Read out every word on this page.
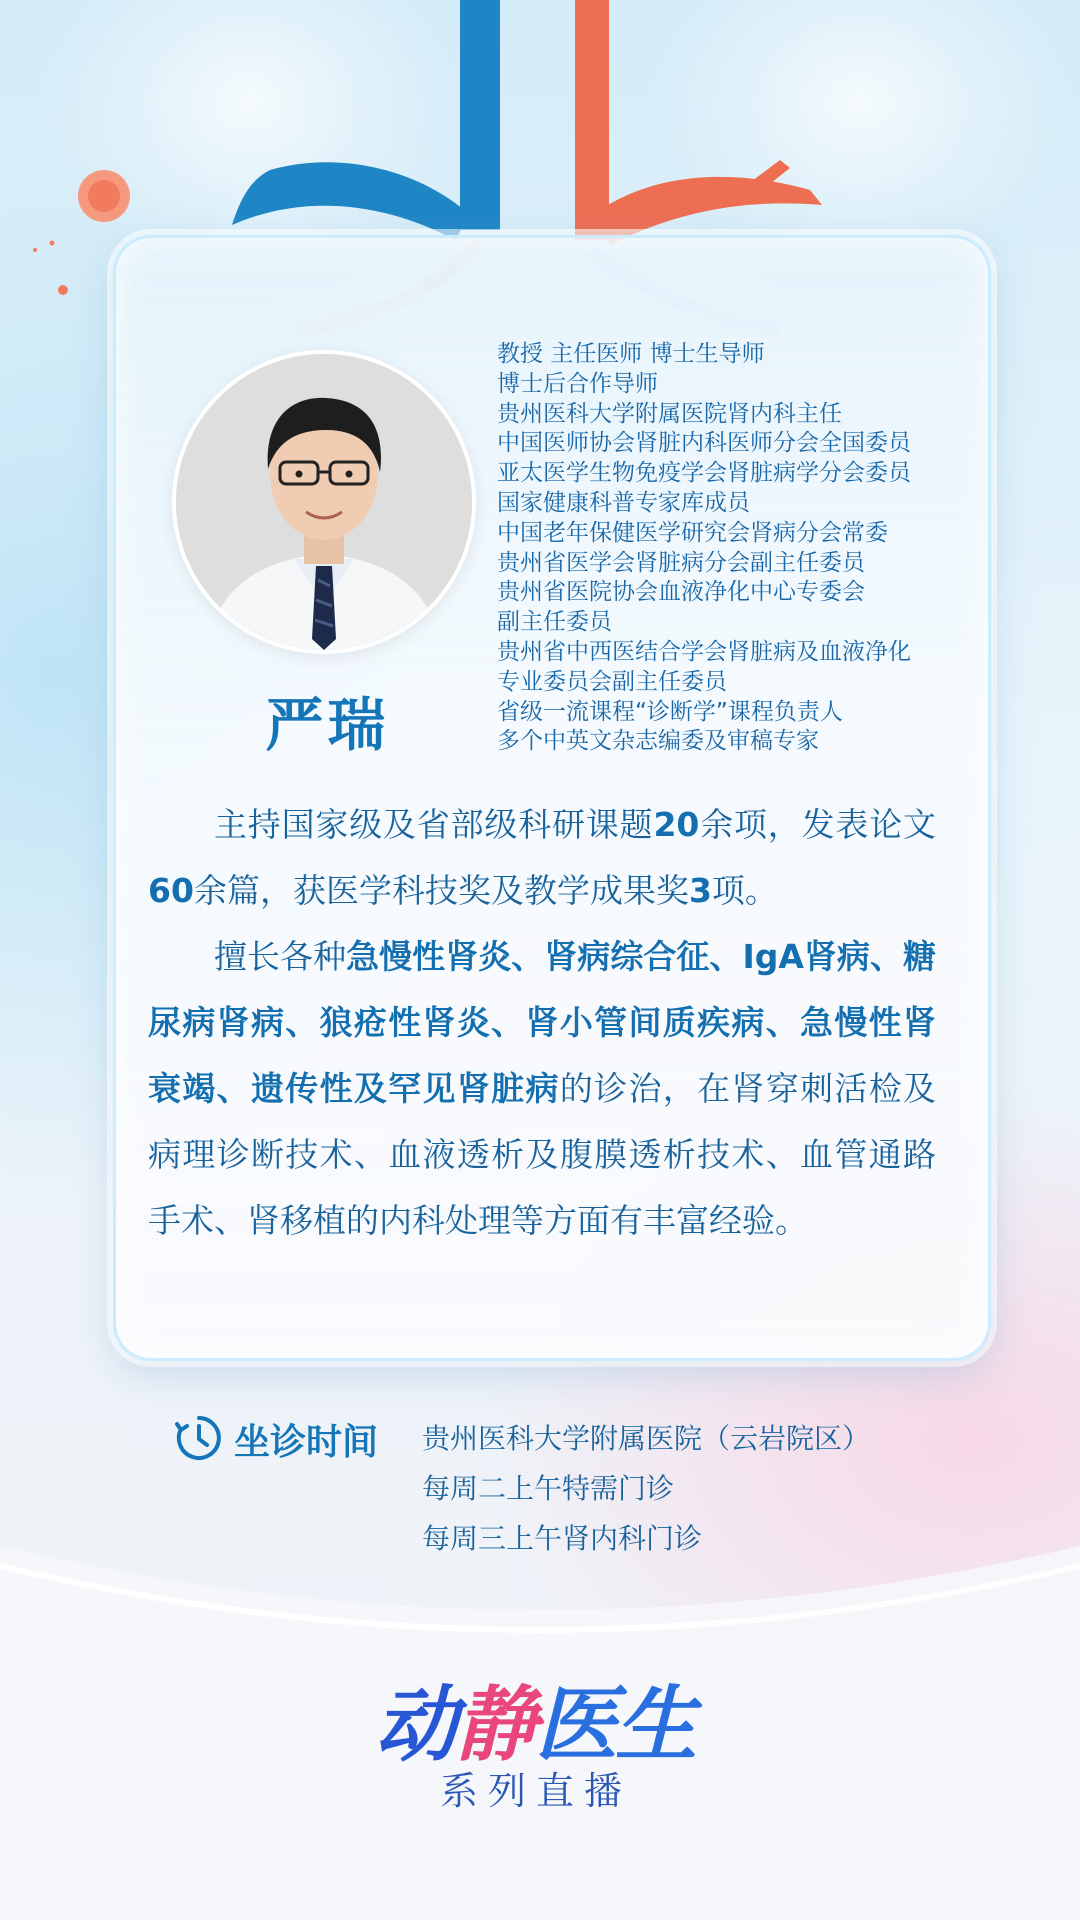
严瑞
教授 主任医师 博士生导师
博士后合作导师
贵州医科大学附属医院肾内科主任
中国医师协会肾脏内科医师分会全国委员
亚太医学生物免疫学会肾脏病学分会委员
国家健康科普专家库成员
中国老年保健医学研究会肾病分会常委
贵州省医学会肾脏病分会副主任委员
贵州省医院协会血液净化中心专委会
副主任委员
贵州省中西医结合学会肾脏病及血液净化
专业委员会副主任委员
省级一流课程“诊断学”课程负责人
多个中英文杂志编委及审稿专家

主持国家级及省部级科研课题20余项，发表论文60余篇，获医学科技奖及教学成果奖3项。

擅长各种急慢性肾炎、肾病综合征、IgA肾病、糖尿病肾病、狼疮性肾炎、肾小管间质疾病、急慢性肾衰竭、遗传性及罕见肾脏病的诊治，在肾穿刺活检及病理诊断技术、血液透析及腹膜透析技术、血管通路手术、肾移植的内科处理等方面有丰富经验。

坐诊时间 贵州医科大学附属医院（云岩院区）
每周二上午特需门诊
每周三上午肾内科门诊
动静医生
系列直播
